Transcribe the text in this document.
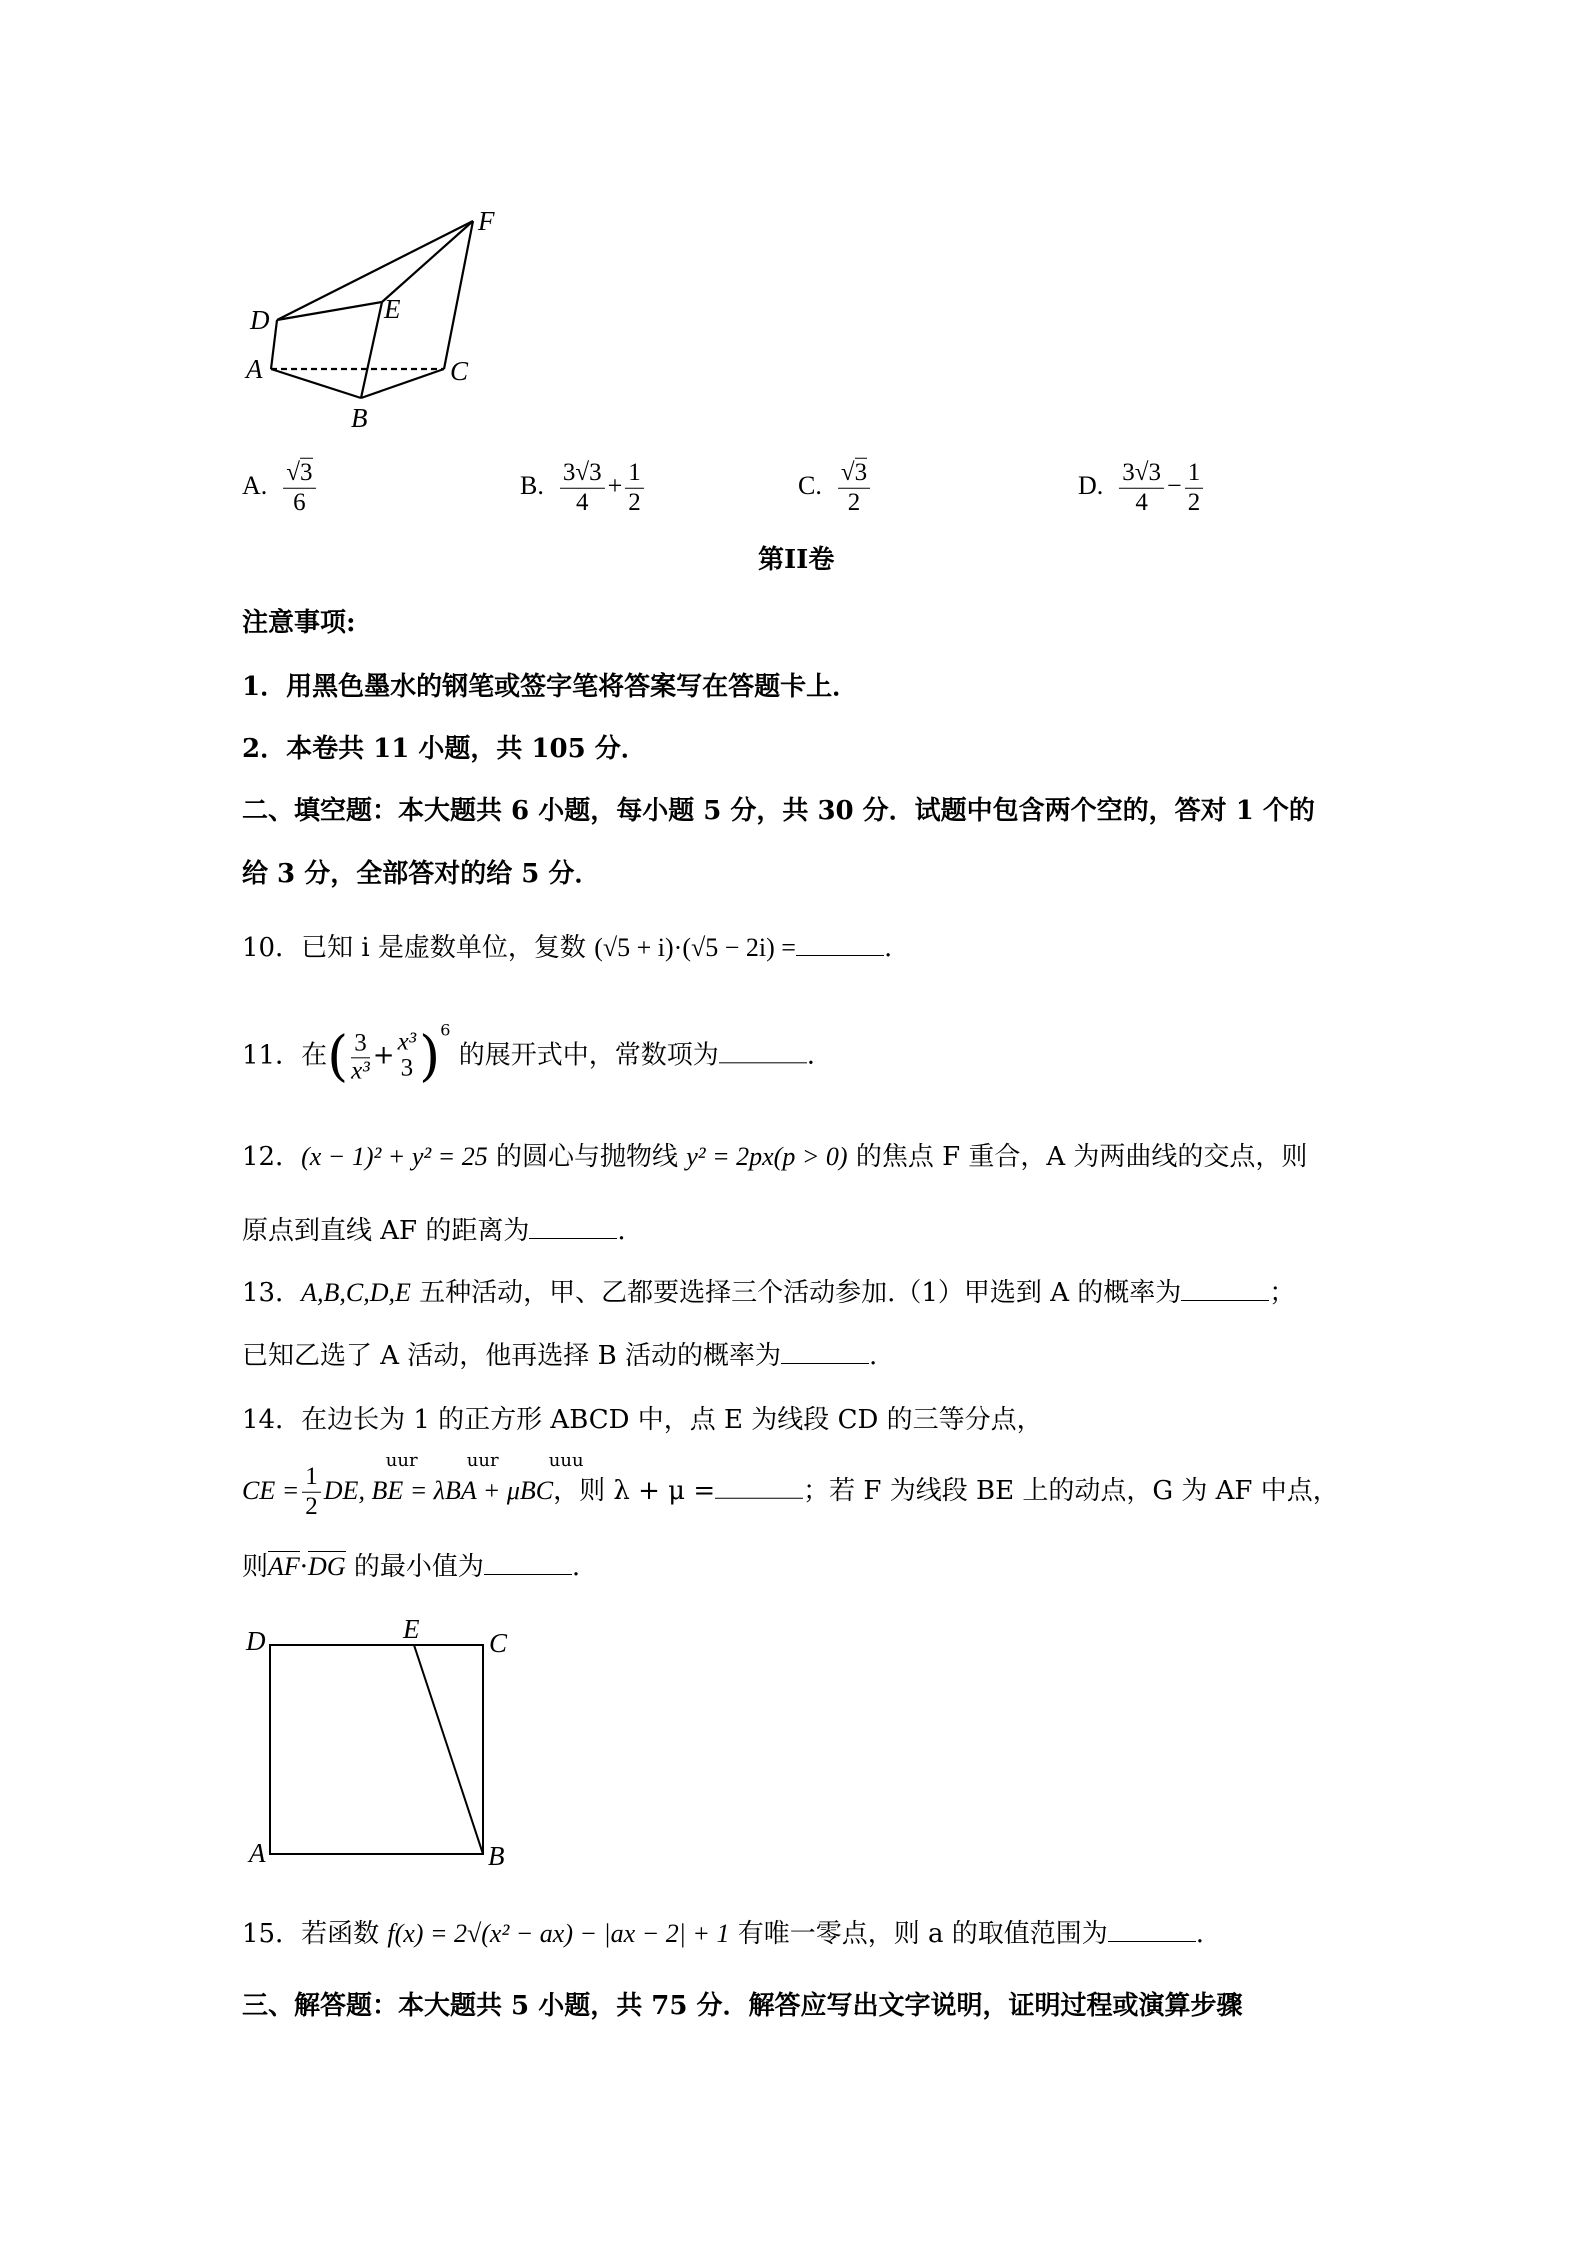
D	E
F
A	C
B
A. $\frac{√3}{6}$	B. $\frac{3√3}{4} + \frac{1}{2}$	C. $\frac{√3}{2}$	D. $\frac{3√3}{4} - \frac{1}{2}$
第II卷
注意事项:
1．用黑色墨水的钢笔或签字笔将答案写在答题卡上．
2．本卷共 11 小题，共 105 分．
二、填空题：本大题共 6 小题，每小题 5 分，共 30 分．试题中包含两个空的，答对 1 个的
给 3 分，全部答对的给 5 分．
10．已知 i 是虚数单位，复数 (√5 + i)·(√5 − 2i) =	.
11．在( $\frac{3}{\text{x³}} + x^3$
3 )$^6$ 的展开式中，常数项为	.
12．(x − 1)² + y² = 25 的圆心与抛物线 y² = 2px(p > 0) 的焦点 F 重合，A 为两曲线的交点，则
原点到直线 AF 的距离为	.
13．A,B,C,D,E 五种活动，甲、乙都要选择三个活动参加.（1）甲选到 A 的概率为	；
已知乙选了 A 活动，他再选择 B 活动的概率为	.
14．在边长为 1 的正方形 ABCD 中，点 E 为线段 CD 的三等分点，
CE = $\frac{1}{2}$ DE, BE = λBA + μBC
uur	uur	uuu
，则 λ + μ =	；若 F 为线段 BE 上的动点，G 为 AF 中点，
则AF·DG 的最小值为	.
D	E	C
A	B
15．若函数 f(x) = 2√(x² − ax) − |ax − 2| + 1 有唯一零点，则 a 的取值范围为	.
三、解答题：本大题共 5 小题，共 75 分．解答应写出文字说明，证明过程或演算步骤
